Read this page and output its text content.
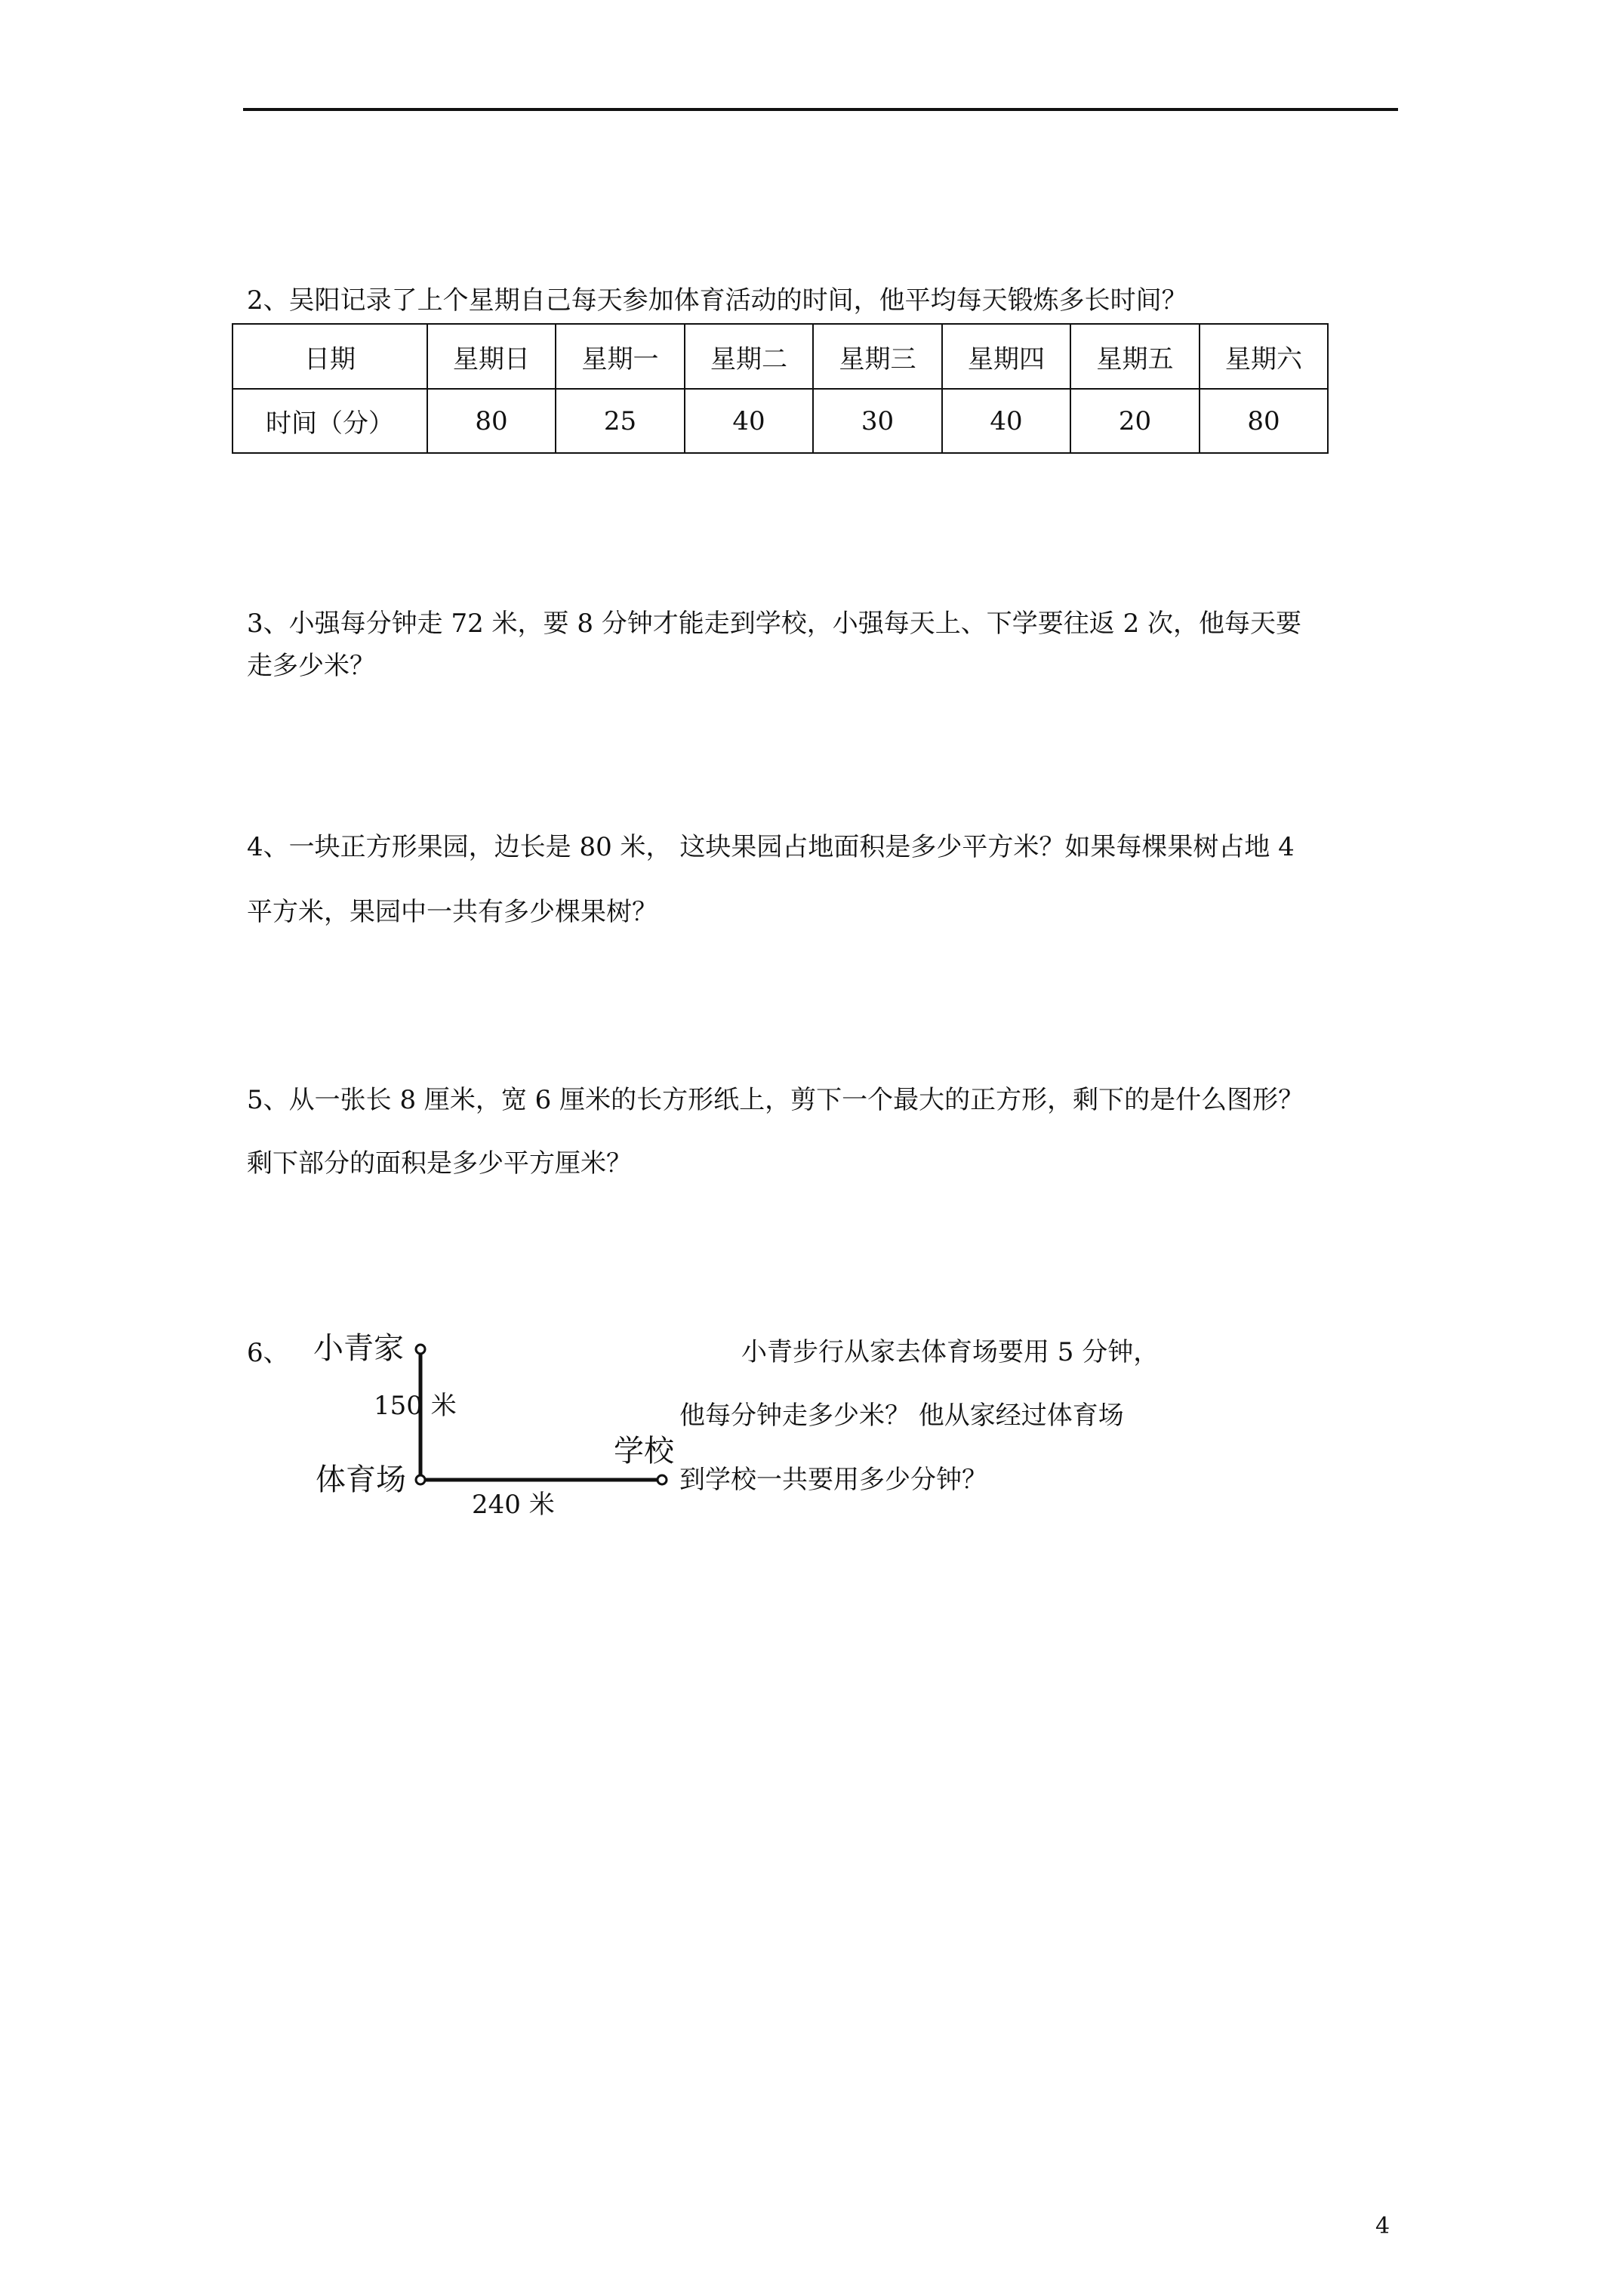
2、吴阳记录了上个星期自己每天参加体育活动的时间，他平均每天锻炼多长时间？
日期	星期日	星期一	星期二	星期三	星期四	星期五	星期六
时间（分）	80	25	40	30	40	20	80
3、小强每分钟走 72 米，要 8 分钟才能走到学校，小强每天上、下学要往返 2 次，他每天要
走多少米？
4、一块正方形果园，边长是 80 米， 这块果园占地面积是多少平方米？如果每棵果树占地 4
平方米，果园中一共有多少棵果树？
5、从一张长 8 厘米，宽 6 厘米的长方形纸上，剪下一个最大的正方形，剩下的是什么图形？
剩下部分的面积是多少平方厘米？
6、 小青家
150 米
学校
体育场
240 米
小青步行从家去体育场要用 5 分钟，
他每分钟走多少米？ 他从家经过体育场
到学校一共要用多少分钟？
4
